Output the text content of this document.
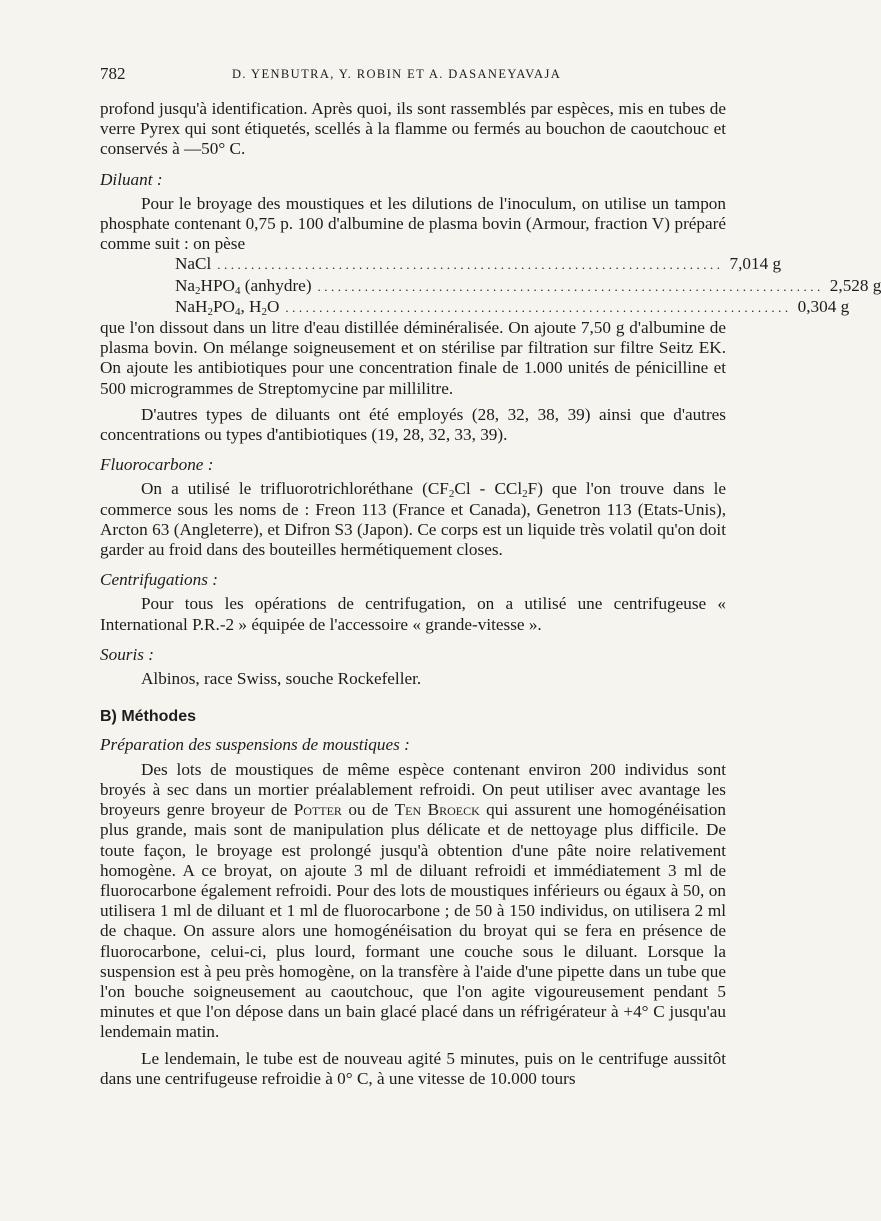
782	D. YENBUTRA, Y. ROBIN ET A. DASANEYAVAJA

profond jusqu'à identification. Après quoi, ils sont rassemblés par espèces, mis en tubes de verre Pyrex qui sont étiquetés, scellés à la flamme ou fermés au bouchon de caoutchouc et conservés à —50° C.

Diluant :

Pour le broyage des moustiques et les dilutions de l'inoculum, on utilise un tampon phosphate contenant 0,75 p. 100 d'albumine de plasma bovin (Armour, fraction V) préparé comme suit : on pèse

NaCl ........................................................................... 7,014 g
$Na_2HPO_4$ (anhydre) ........................................................................... 2,528 g
$NaH_2PO_4$, $H_2O$ ........................................................................... 0,304 g

que l'on dissout dans un litre d'eau distillée déminéralisée. On ajoute 7,50 g d'albumine de plasma bovin. On mélange soigneusement et on stérilise par filtration sur filtre Seitz EK. On ajoute les antibiotiques pour une concentration finale de 1.000 unités de pénicilline et 500 microgrammes de Streptomycine par millilitre.

D'autres types de diluants ont été employés (28, 32, 38, 39) ainsi que d'autres concentrations ou types d'antibiotiques (19, 28, 32, 33, 39).

Fluorocarbone :

On a utilisé le trifluorotrichloréthane $(CF_2Cl - CCl_2F)$ que l'on trouve dans le commerce sous les noms de : Freon 113 (France et Canada), Genetron 113 (Etats-Unis), Arcton 63 (Angleterre), et Difron S3 (Japon). Ce corps est un liquide très volatil qu'on doit garder au froid dans des bouteilles hermétiquement closes.

Centrifugations :

Pour tous les opérations de centrifugation, on a utilisé une centrifugeuse « International P.R.-2 » équipée de l'accessoire « grande-vitesse ».

Souris :

Albinos, race Swiss, souche Rockefeller.

B) Méthodes
Préparation des suspensions de moustiques :

Des lots de moustiques de même espèce contenant environ 200 individus sont broyés à sec dans un mortier préalablement refroidi. On peut utiliser avec avantage les broyeurs genre broyeur de Potter ou de Ten Broeck qui assurent une homogénéisation plus grande, mais sont de manipulation plus délicate et de nettoyage plus difficile. De toute façon, le broyage est prolongé jusqu'à obtention d'une pâte noire relativement homogène. A ce broyat, on ajoute 3 ml de diluant refroidi et immédiatement 3 ml de fluorocarbone également refroidi. Pour des lots de moustiques inférieurs ou égaux à 50, on utilisera 1 ml de diluant et 1 ml de fluorocarbone ; de 50 à 150 individus, on utilisera 2 ml de chaque. On assure alors une homogénéisation du broyat qui se fera en présence de fluorocarbone, celui-ci, plus lourd, formant une couche sous le diluant. Lorsque la suspension est à peu près homogène, on la transfère à l'aide d'une pipette dans un tube que l'on bouche soigneusement au caoutchouc, que l'on agite vigoureusement pendant 5 minutes et que l'on dépose dans un bain glacé placé dans un réfrigérateur à +4° C jusqu'au lendemain matin.

Le lendemain, le tube est de nouveau agité 5 minutes, puis on le centrifuge aussitôt dans une centrifugeuse refroidie à 0° C, à une vitesse de 10.000 tours
